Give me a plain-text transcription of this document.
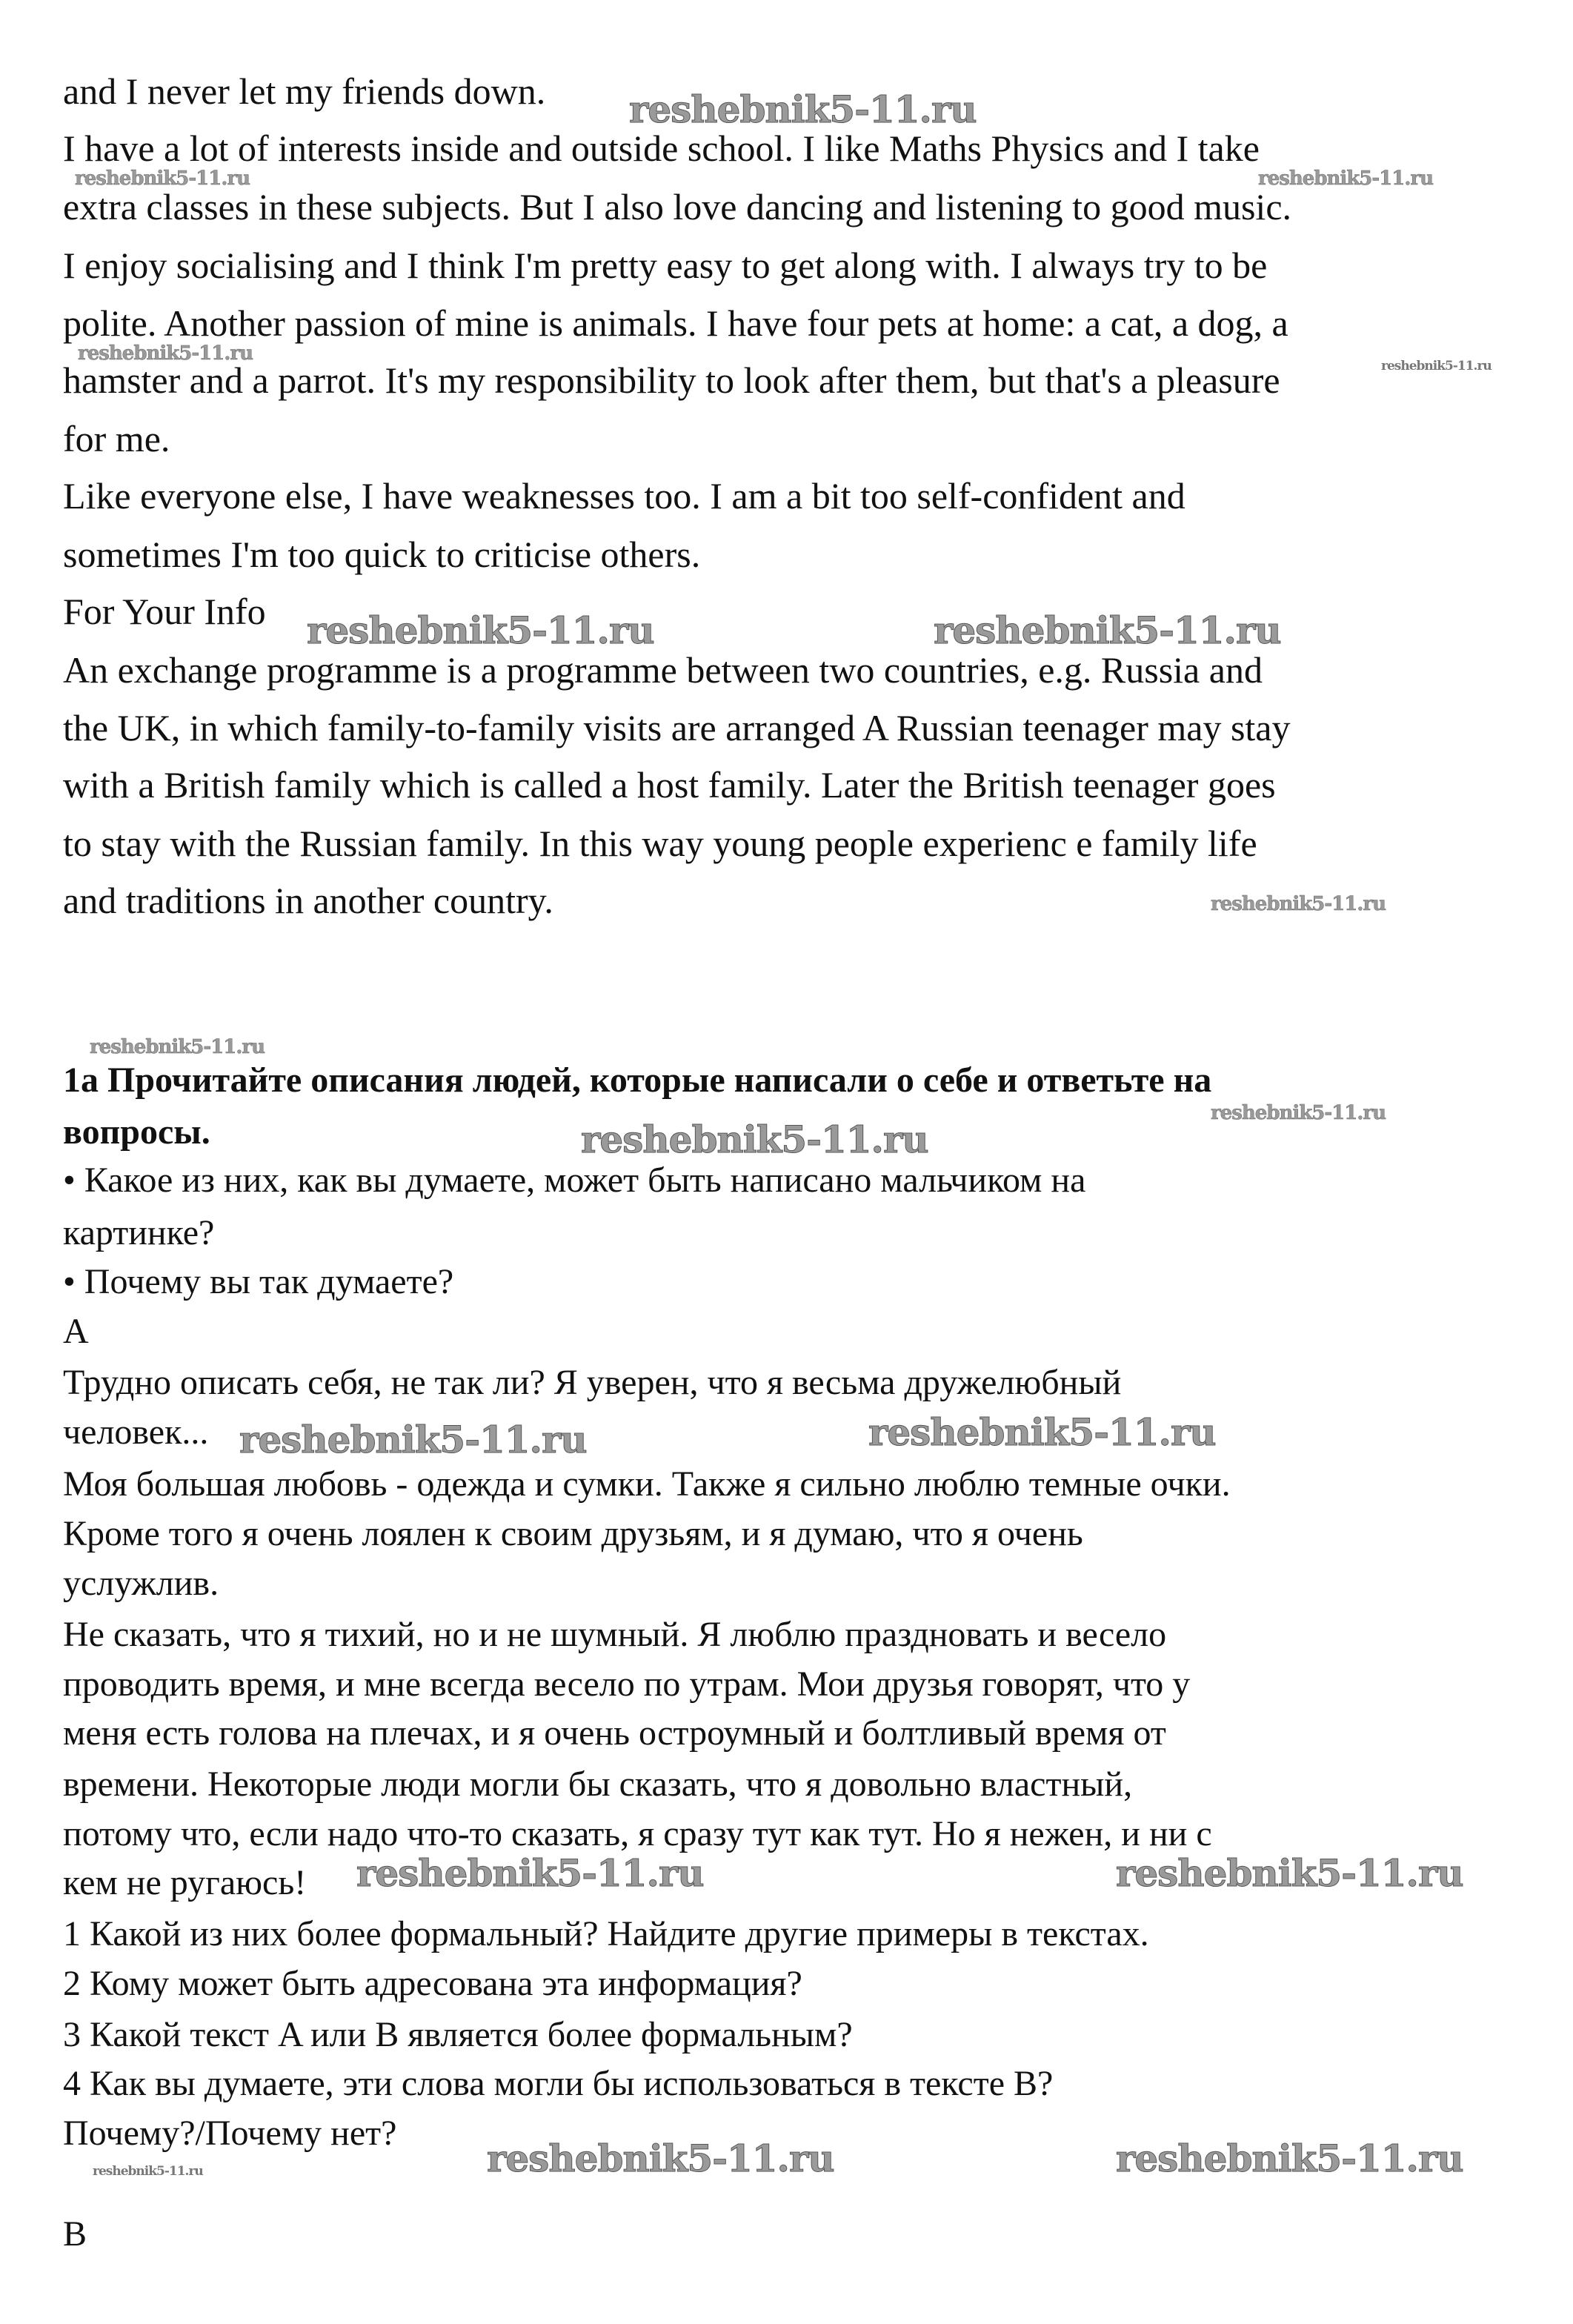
and I never let my friends down.
I have a lot of interests inside and outside school. I like Maths Physics and I take
extra classes in these subjects. But I also love dancing and listening to good music.
I enjoy socialising and I think I'm pretty easy to get along with. I always try to be
polite. Another passion of mine is animals. I have four pets at home: a cat, a dog, a
hamster and a parrot. It's my responsibility to look after them, but that's a pleasure
for me.
Like everyone else, I have weaknesses too. I am a bit too self-confident and
sometimes I'm too quick to criticise others.
For Your Info
An exchange programme is a programme between two countries, e.g. Russia and
the UK, in which family-to-family visits are arranged A Russian teenager may stay
with a British family which is called a host family. Later the British teenager goes
to stay with the Russian family. In this way young people experienc e family life
and traditions in another country.
1a Прочитайте описания людей, которые написали о себе и ответьте на
вопросы.
• Какое из них, как вы думаете, может быть написано мальчиком на
картинке?
• Почему вы так думаете?
A
Трудно описать себя, не так ли? Я уверен, что я весьма дружелюбный
человек...
Моя большая любовь - одежда и сумки. Также я сильно люблю темные очки.
Кроме того я очень лоялен к своим друзьям, и я думаю, что я очень
услужлив.
Не сказать, что я тихий, но и не шумный. Я люблю праздновать и весело
проводить время, и мне всегда весело по утрам. Мои друзья говорят, что у
меня есть голова на плечах, и я очень остроумный и болтливый время от
времени. Некоторые люди могли бы сказать, что я довольно властный,
потому что, если надо что-то сказать, я сразу тут как тут. Но я нежен, и ни с
кем не ругаюсь!
1 Какой из них более формальный? Найдите другие примеры в текстах.
2 Кому может быть адресована эта информация?
3 Какой текст A или B является более формальным?
4 Как вы думаете, эти слова могли бы использоваться в тексте B?
Почему?/Почему нет?
B
reshebnik5-11.ru
reshebnik5-11.ru	reshebnik5-11.ru
reshebnik5-11.ru
reshebnik5-11.ru	reshebnik5-11.ru
reshebnik5-11.ru	reshebnik5-11.ru
reshebnik5-11.ru	reshebnik5-11.ru
reshebnik5-11.ru	reshebnik5-11.ru
reshebnik5-11.ru
reshebnik5-11.ru
reshebnik5-11.ru
reshebnik5-11.ru
reshebnik5-11.ru
reshebnik5-11.ru
